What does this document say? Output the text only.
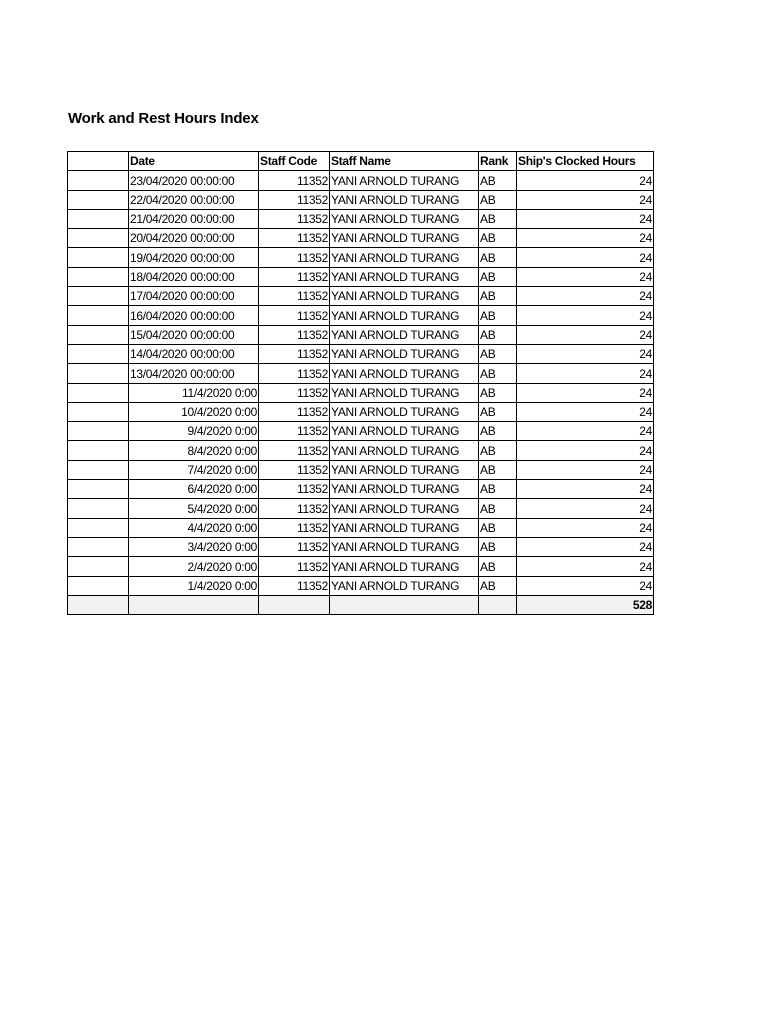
Work and Rest Hours Index
	Date	Staff Code	Staff Name	Rank	Ship's Clocked Hours
	23/04/2020 00:00:00	11352	YANI ARNOLD TURANG	AB	24
	22/04/2020 00:00:00	11352	YANI ARNOLD TURANG	AB	24
	21/04/2020 00:00:00	11352	YANI ARNOLD TURANG	AB	24
	20/04/2020 00:00:00	11352	YANI ARNOLD TURANG	AB	24
	19/04/2020 00:00:00	11352	YANI ARNOLD TURANG	AB	24
	18/04/2020 00:00:00	11352	YANI ARNOLD TURANG	AB	24
	17/04/2020 00:00:00	11352	YANI ARNOLD TURANG	AB	24
	16/04/2020 00:00:00	11352	YANI ARNOLD TURANG	AB	24
	15/04/2020 00:00:00	11352	YANI ARNOLD TURANG	AB	24
	14/04/2020 00:00:00	11352	YANI ARNOLD TURANG	AB	24
	13/04/2020 00:00:00	11352	YANI ARNOLD TURANG	AB	24
	11/4/2020 0:00	11352	YANI ARNOLD TURANG	AB	24
	10/4/2020 0:00	11352	YANI ARNOLD TURANG	AB	24
	9/4/2020 0:00	11352	YANI ARNOLD TURANG	AB	24
	8/4/2020 0:00	11352	YANI ARNOLD TURANG	AB	24
	7/4/2020 0:00	11352	YANI ARNOLD TURANG	AB	24
	6/4/2020 0:00	11352	YANI ARNOLD TURANG	AB	24
	5/4/2020 0:00	11352	YANI ARNOLD TURANG	AB	24
	4/4/2020 0:00	11352	YANI ARNOLD TURANG	AB	24
	3/4/2020 0:00	11352	YANI ARNOLD TURANG	AB	24
	2/4/2020 0:00	11352	YANI ARNOLD TURANG	AB	24
	1/4/2020 0:00	11352	YANI ARNOLD TURANG	AB	24
					528
